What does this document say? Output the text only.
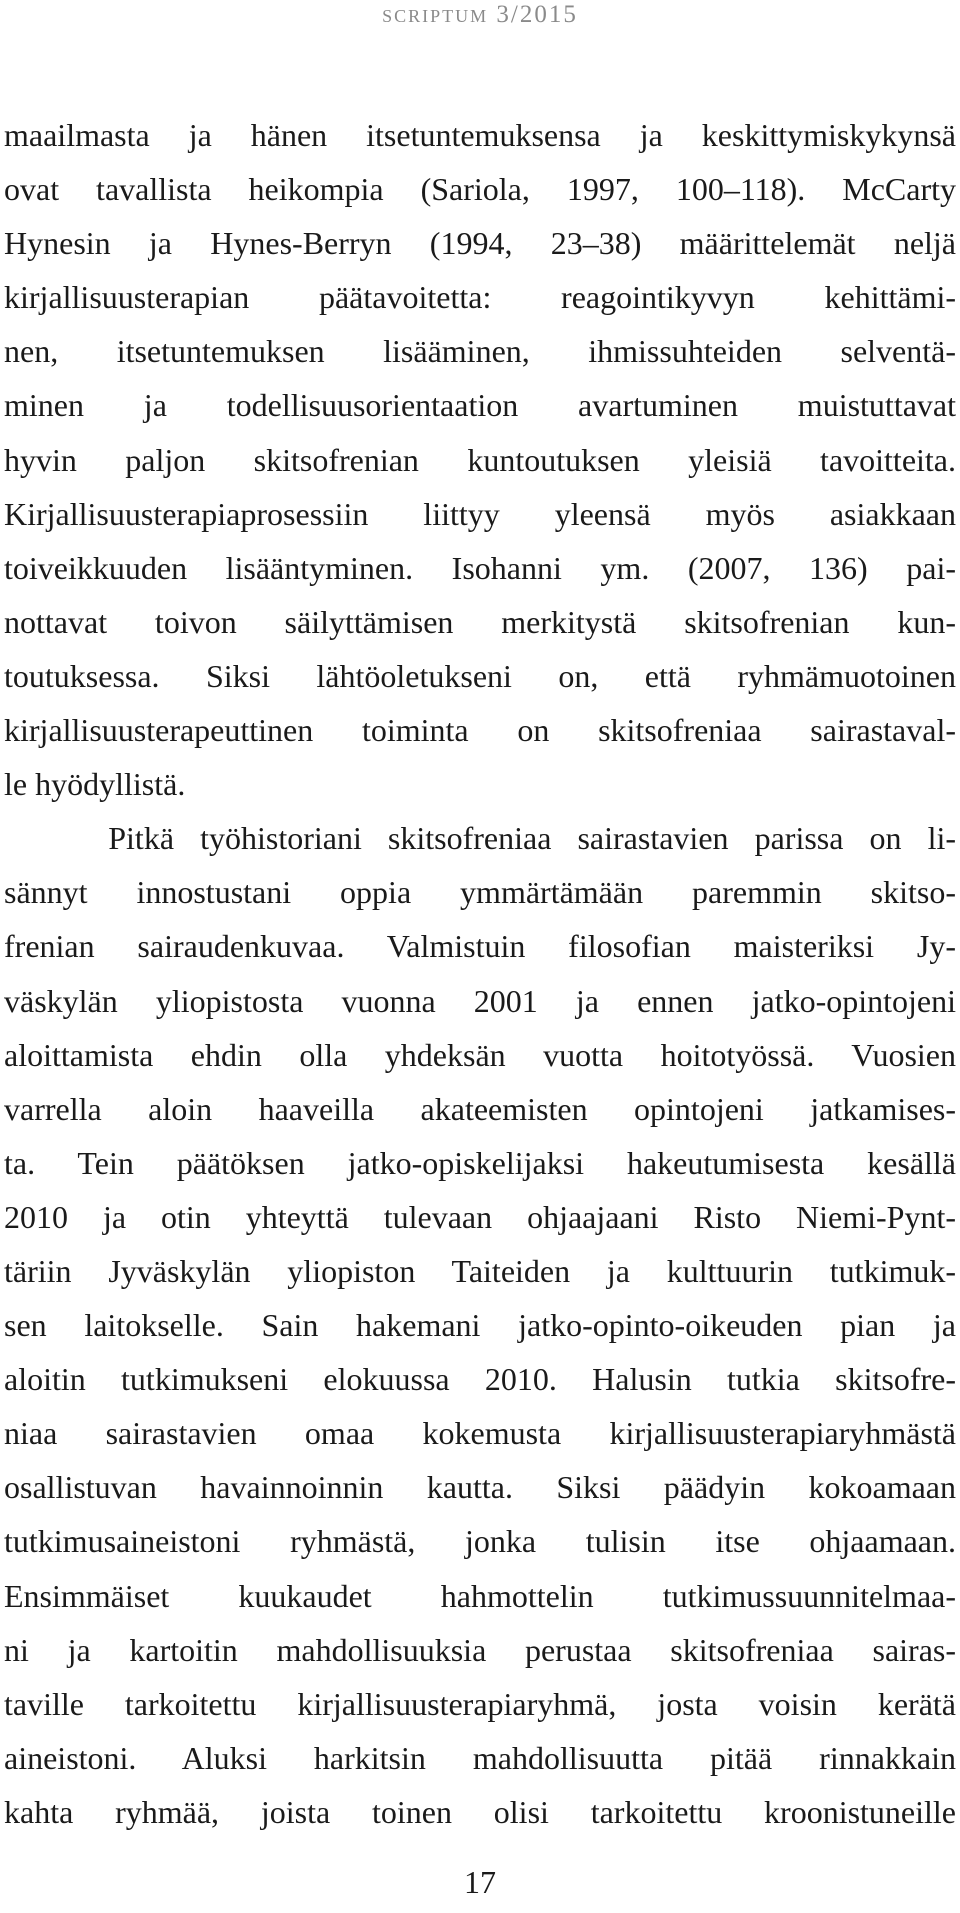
scriptum 3/2015
maailmasta ja hänen itsetuntemuksensa ja keskittymiskykynsä
ovat tavallista heikompia (Sariola, 1997, 100–118). McCarty
Hynesin ja Hynes-Berryn (1994, 23–38) määrittelemät neljä
kirjallisuusterapian päätavoitetta: reagointikyvyn kehittämi-
nen, itsetuntemuksen lisääminen, ihmissuhteiden selventä-
minen ja todellisuusorientaation avartuminen muistuttavat
hyvin paljon skitsofrenian kuntoutuksen yleisiä tavoitteita.
Kirjallisuusterapiaprosessiin liittyy yleensä myös asiakkaan
toiveikkuuden lisääntyminen. Isohanni ym. (2007, 136) pai-
nottavat toivon säilyttämisen merkitystä skitsofrenian kun-
toutuksessa. Siksi lähtöoletukseni on, että ryhmämuotoinen
kirjallisuusterapeuttinen toiminta on skitsofreniaa sairastaval-
le hyödyllistä.
Pitkä työhistoriani skitsofreniaa sairastavien parissa on li-
sännyt innostustani oppia ymmärtämään paremmin skitso-
frenian sairaudenkuvaa. Valmistuin filosofian maisteriksi Jy-
väskylän yliopistosta vuonna 2001 ja ennen jatko-opintojeni
aloittamista ehdin olla yhdeksän vuotta hoitotyössä. Vuosien
varrella aloin haaveilla akateemisten opintojeni jatkamises-
ta. Tein päätöksen jatko-opiskelijaksi hakeutumisesta kesällä
2010 ja otin yhteyttä tulevaan ohjaajaani Risto Niemi-Pynt-
täriin Jyväskylän yliopiston Taiteiden ja kulttuurin tutkimuk-
sen laitokselle. Sain hakemani jatko-opinto-oikeuden pian ja
aloitin tutkimukseni elokuussa 2010. Halusin tutkia skitsofre-
niaa sairastavien omaa kokemusta kirjallisuusterapiaryhmästä
osallistuvan havainnoinnin kautta. Siksi päädyin kokoamaan
tutkimusaineistoni ryhmästä, jonka tulisin itse ohjaamaan.
Ensimmäiset kuukaudet hahmottelin tutkimussuunnitelmaa-
ni ja kartoitin mahdollisuuksia perustaa skitsofreniaa sairas-
taville tarkoitettu kirjallisuusterapiaryhmä, josta voisin kerätä
aineistoni. Aluksi harkitsin mahdollisuutta pitää rinnakkain
kahta ryhmää, joista toinen olisi tarkoitettu kroonistuneille
17
